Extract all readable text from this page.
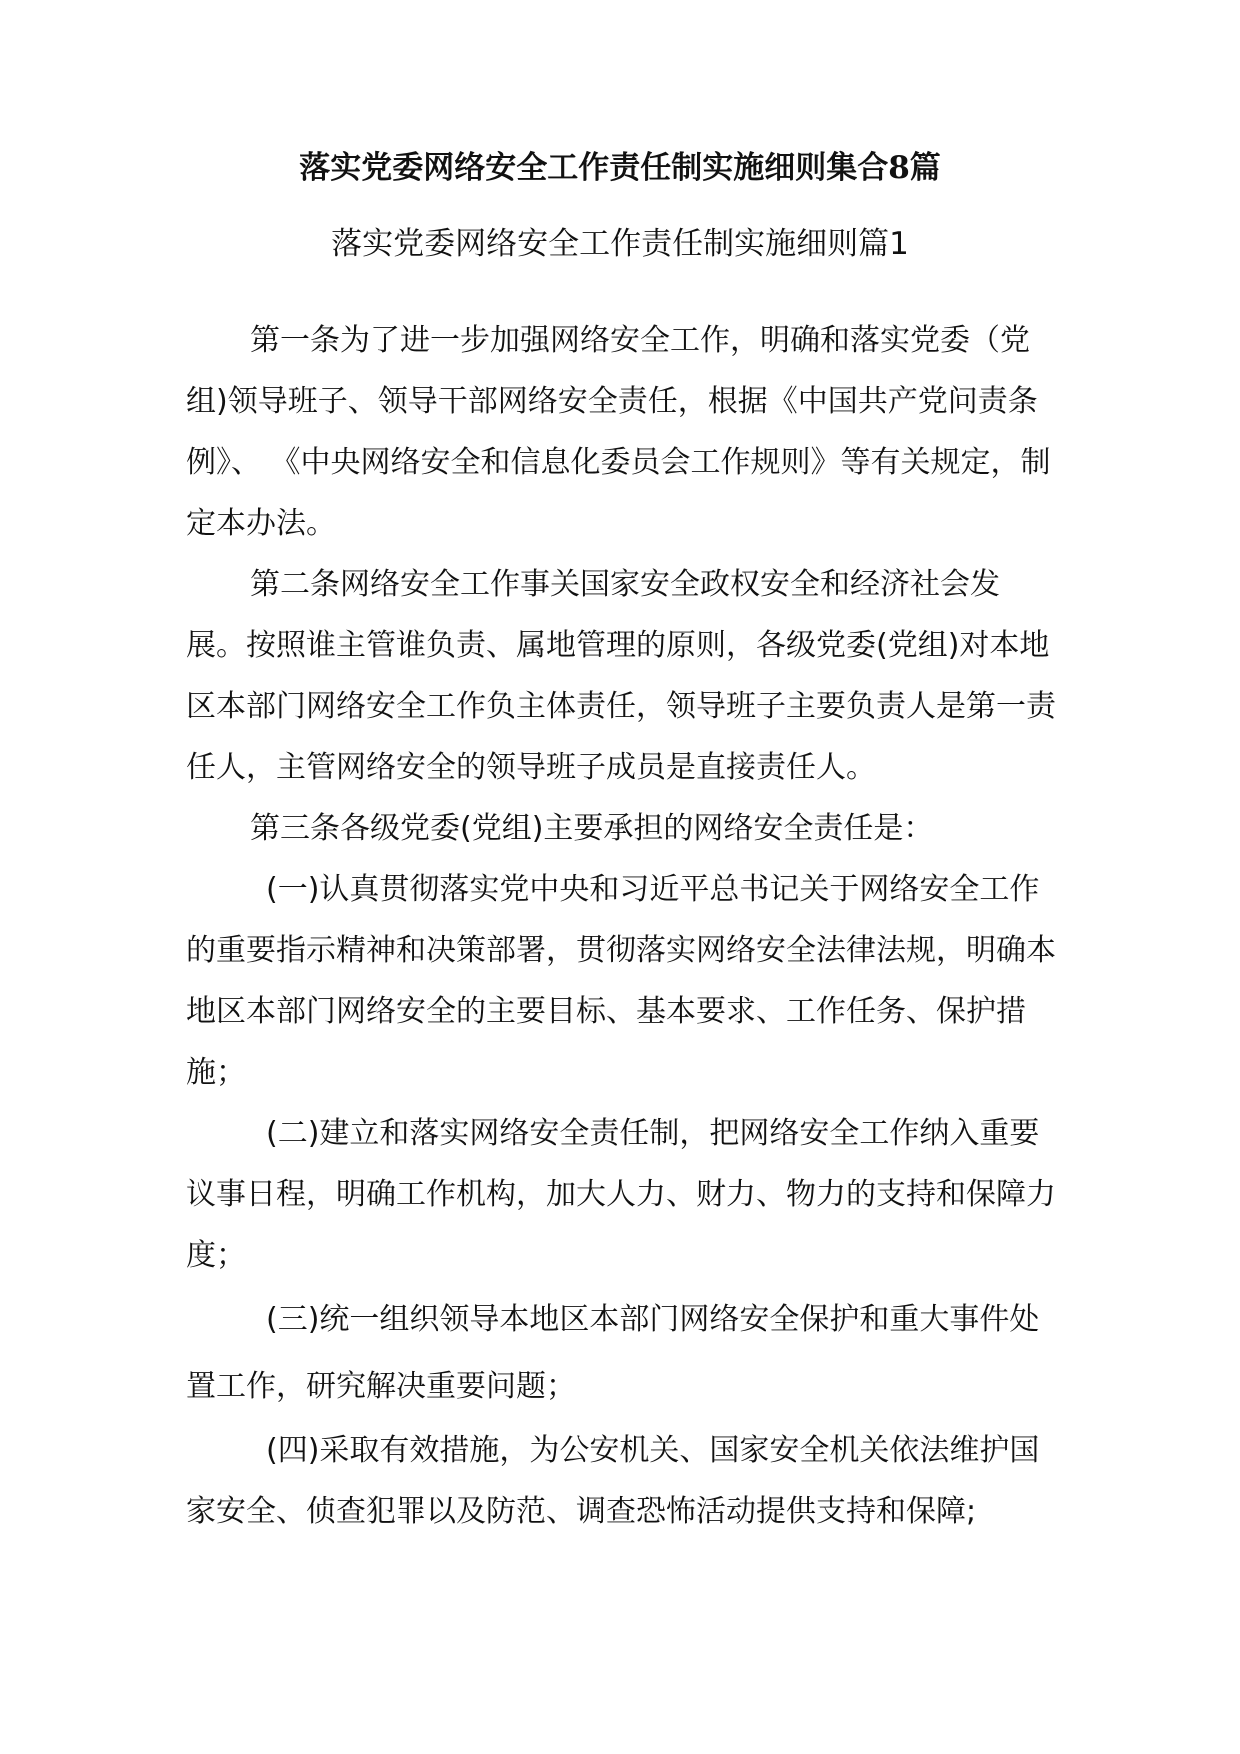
落实党委网络安全工作责任制实施细则集合8篇
落实党委网络安全工作责任制实施细则篇1

第一条为了进一步加强网络安全工作，明确和落实党委（党组)领导班子、领导干部网络安全责任，根据《中国共产党问责条例》、 《中央网络安全和信息化委员会工作规则》等有关规定，制定本办法。

第二条网络安全工作事关国家安全政权安全和经济社会发展。按照谁主管谁负责、属地管理的原则，各级党委(党组)对本地区本部门网络安全工作负主体责任，领导班子主要负责人是第一责任人，主管网络安全的领导班子成员是直接责任人。

第三条各级党委(党组)主要承担的网络安全责任是：

(一)认真贯彻落实党中央和习近平总书记关于网络安全工作的重要指示精神和决策部署，贯彻落实网络安全法律法规，明确本地区本部门网络安全的主要目标、基本要求、工作任务、保护措施；

(二)建立和落实网络安全责任制，把网络安全工作纳入重要议事日程，明确工作机构，加大人力、财力、物力的支持和保障力度；

(三)统一组织领导本地区本部门网络安全保护和重大事件处置工作，研究解决重要问题；

(四)采取有效措施，为公安机关、国家安全机关依法维护国家安全、侦查犯罪以及防范、调查恐怖活动提供支持和保障;
